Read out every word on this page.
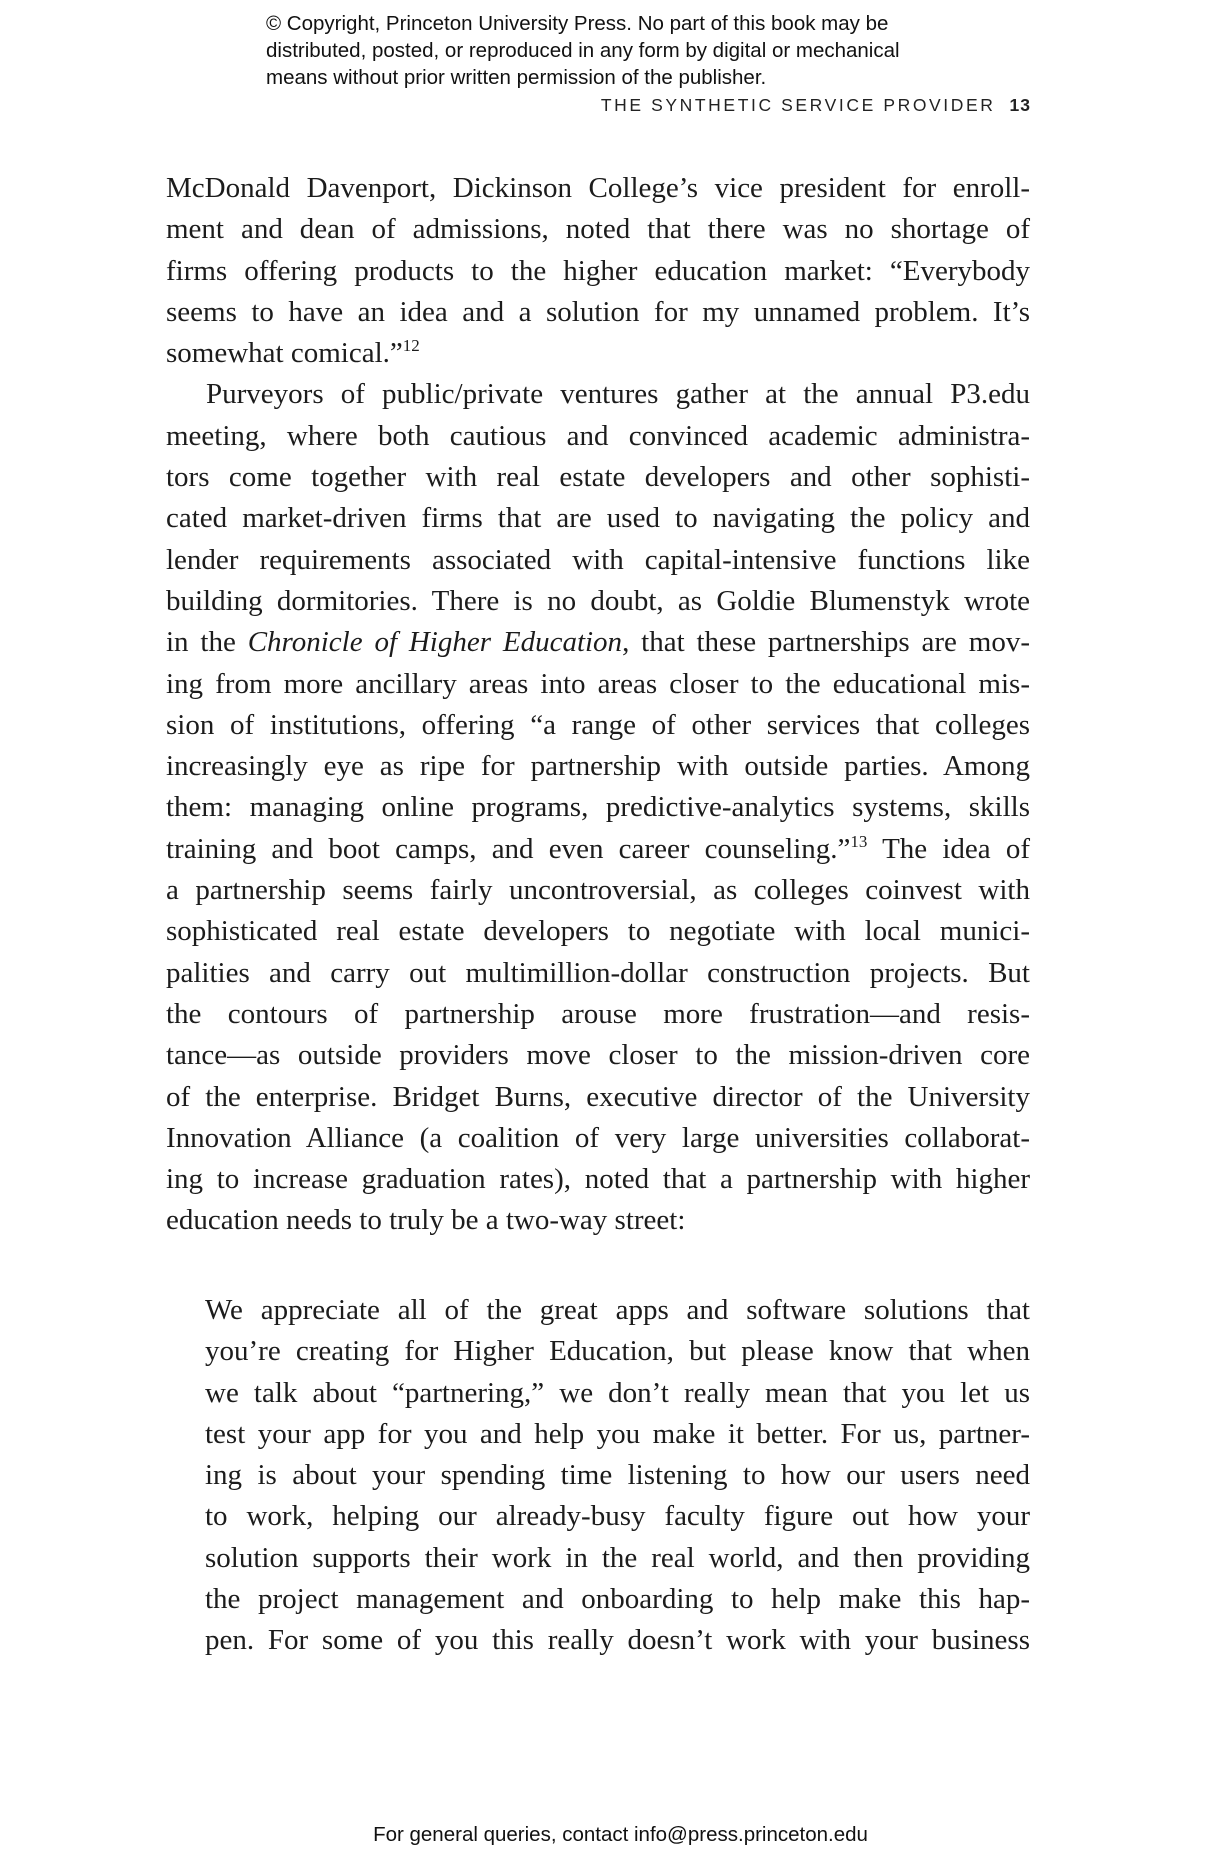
© Copyright, Princeton University Press. No part of this book may be
distributed, posted, or reproduced in any form by digital or mechanical
means without prior written permission of the publisher.
THE SYNTHETIC SERVICE PROVIDER 13
McDonald Davenport, Dickinson College’s vice president for enroll-
ment and dean of admissions, noted that there was no shortage of
firms offering products to the higher education market: “Everybody
seems to have an idea and a solution for my unnamed problem. It’s
somewhat comical.”$^{12}$
Purveyors of public/private ventures gather at the annual P3.edu
meeting, where both cautious and convinced academic administra-
tors come together with real estate developers and other sophisti-
cated market-driven firms that are used to navigating the policy and
lender requirements associated with capital-intensive functions like
building dormitories. There is no doubt, as Goldie Blumenstyk wrote
in the Chronicle of Higher Education, that these partnerships are mov-
ing from more ancillary areas into areas closer to the educational mis-
sion of institutions, offering “a range of other services that colleges
increasingly eye as ripe for partnership with outside parties. Among
them: managing online programs, predictive-analytics systems, skills
training and boot camps, and even career counseling.”$^{13}$ The idea of
a partnership seems fairly uncontroversial, as colleges coinvest with
sophisticated real estate developers to negotiate with local munici-
palities and carry out multimillion-dollar construction projects. But
the contours of partnership arouse more frustration—and resis-
tance—as outside providers move closer to the mission-driven core
of the enterprise. Bridget Burns, executive director of the University
Innovation Alliance (a coalition of very large universities collaborat-
ing to increase graduation rates), noted that a partnership with higher
education needs to truly be a two-way street:
We appreciate all of the great apps and software solutions that
you’re creating for Higher Education, but please know that when
we talk about “partnering,” we don’t really mean that you let us
test your app for you and help you make it better. For us, partner-
ing is about your spending time listening to how our users need
to work, helping our already-busy faculty figure out how your
solution supports their work in the real world, and then providing
the project management and onboarding to help make this hap-
pen. For some of you this really doesn’t work with your business
For general queries, contact info@press.princeton.edu
